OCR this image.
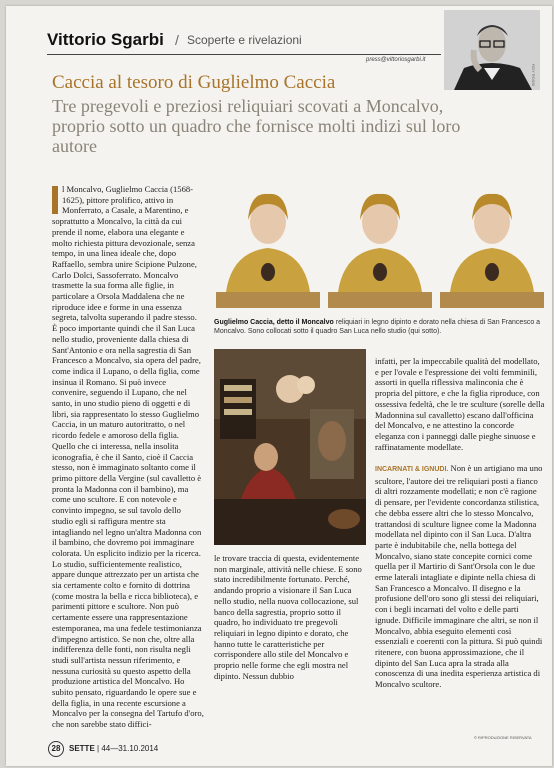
Vittorio Sgarbi / Scoperte e rivelazioni
press@vittoriosgarbi.it
ROY ROSSI
Caccia al tesoro di Guglielmo Caccia
Tre pregevoli e preziosi reliquiari scovati a Moncalvo, proprio sotto un quadro che fornisce molti indizi sul loro autore

l Moncalvo, Guglielmo Caccia (1568-1625), pittore prolifico, attivo in Monferrato, a Casale, a Marentino, e soprattutto a Moncalvo, la città da cui prende il nome, elabora una elegante e molto richiesta pittura devozionale, senza tempo, in una linea ideale che, dopo Raffaello, sembra unire Scipione Pulzone, Carlo Dolci, Sassoferrato. Moncalvo trasmette la sua forma alle figlie, in particolare a Orsola Maddalena che ne riproduce idee e forme in una essenza segreta, talvolta superando il padre stesso. È poco importante quindi che il San Luca nello studio, proveniente dalla chiesa di Sant'Antonio e ora nella sagrestia di San Francesco a Moncalvo, sia opera del padre, come indica il Lupano, o della figlia, come insinua il Romano. Si può invece convenire, seguendo il Lupano, che nel santo, in uno studio pieno di oggetti e di libri, sia rappresentato lo stesso Guglielmo Caccia, in un maturo autoritratto, o nel ricordo fedele e amoroso della figlia. Quello che ci interessa, nella insolita iconografia, è che il Santo, cioè il Caccia stesso, non è immaginato soltanto come il primo pittore della Vergine (sul cavalletto è pronta la Madonna con il bambino), ma come uno scultore. E con notevole e convinto impegno, se sul tavolo dello studio egli si raffigura mentre sta intagliando nel legno un'altra Madonna con il bambino, che dovremo poi immaginare colorata. Un esplicito indizio per la ricerca. Lo studio, sufficientemente realistico, appare dunque attrezzato per un artista che sia certamente colto e fornito di dottrina (come mostra la bella e ricca biblioteca), e parimenti pittore e scultore. Non può certamente essere una rappresentazione estemporanea, ma una fedele testimonianza d'impegno artistico. Se non che, oltre alla indifferenza delle fonti, non risulta negli studi sull'artista nessun riferimento, e nessuna curiosità su questo aspetto della produzione artistica del Moncalvo. Ho subito pensato, riguardando le opere sue e della figlia, in una recente escursione a Moncalvo per la consegna del Tartufo d'oro, che non sarebbe stato diffici-

Guglielmo Caccia, detto il Moncalvo reliquiari in legno dipinto e dorato nella chiesa di San Francesco a Moncalvo. Sono collocati sotto il quadro San Luca nello studio (qui sotto).
le trovare traccia di questa, evidentemente non marginale, attività nelle chiese. E sono stato incredibilmente fortunato. Perché, andando proprio a visionare il San Luca nello studio, nella nuova collocazione, sul banco della sagrestia, proprio sotto il quadro, ho individuato tre pregevoli reliquiari in legno dipinto e dorato, che hanno tutte le caratteristiche per corrispondere allo stile del Moncalvo e proprio nelle forme che egli mostra nel dipinto. Nessun dubbio
infatti, per la impeccabile qualità del modellato, e per l'ovale e l'espressione dei volti femminili, assorti in quella riflessiva malinconia che è propria del pittore, e che la figlia riproduce, con ossessiva fedeltà, che le tre sculture (sorelle della Madonnina sul cavalletto) escano dall'officina del Moncalvo, e ne attestino la concorde eleganza con i panneggi dalle pieghe sinuose e raffinatamente modellate.

INCARNATI & IGNUDI. Non è un artigiano ma uno scultore, l'autore dei tre reliquiari posti a fianco di altri rozzamente modellati; e non c'è ragione di pensare, per l'evidente concordanza stilistica, che debba essere altri che lo stesso Moncalvo, trattandosi di sculture lignee come la Madonna modellata nel dipinto con il San Luca. D'altra parte è indubitabile che, nella bottega del Moncalvo, siano state concepite cornici come quella per il Martirio di Sant'Orsola con le due erme laterali intagliate e dipinte nella chiesa di San Francesco a Moncalvo. Il disegno e la profusione dell'oro sono gli stessi dei reliquiari, con i begli incarnati del volto e delle parti ignude. Difficile immaginare che altri, se non il Moncalvo, abbia eseguito elementi così essenziali e coerenti con la pittura. Si può quindi ritenere, con buona approssimazione, che il dipinto del San Luca apra la strada alla conoscenza di una inedita esperienza artistica di Moncalvo scultore.
© RIPRODUZIONE RISERVATA
28 SETTE | 44—31.10.2014
